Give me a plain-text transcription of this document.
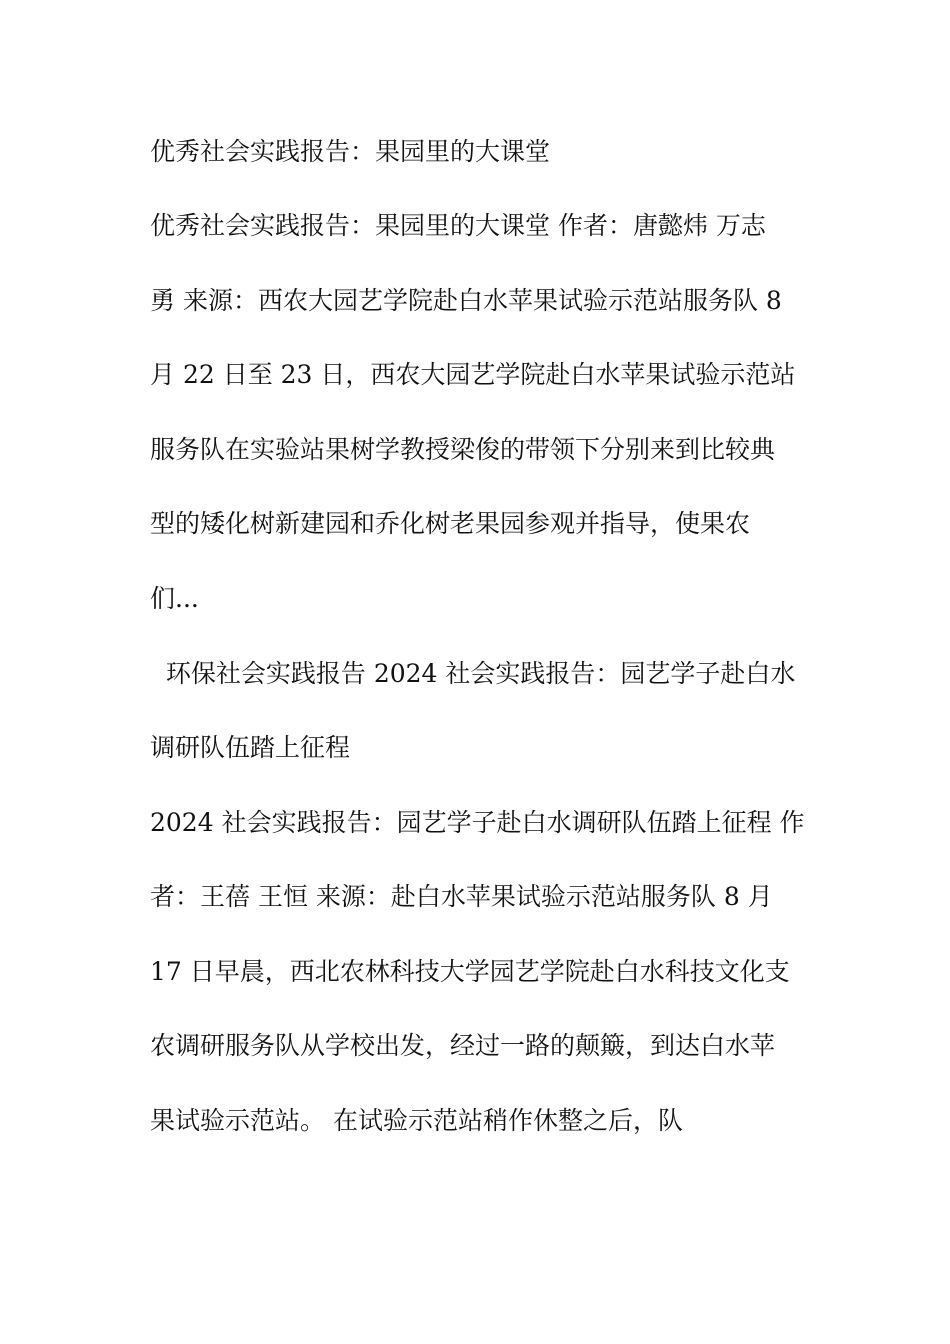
优秀社会实践报告：果园里的大课堂
优秀社会实践报告：果园里的大课堂 作者：唐懿炜 万志
勇 来源：西农大园艺学院赴白水苹果试验示范站服务队 8
月 22 日至 23 日，西农大园艺学院赴白水苹果试验示范站
服务队在实验站果树学教授梁俊的带领下分别来到比较典
型的矮化树新建园和乔化树老果园参观并指导，使果农
们...
环保社会实践报告 2024 社会实践报告：园艺学子赴白水
调研队伍踏上征程
2024 社会实践报告：园艺学子赴白水调研队伍踏上征程 作
者：王蓓 王恒 来源：赴白水苹果试验示范站服务队 8 月
17 日早晨，西北农林科技大学园艺学院赴白水科技文化支
农调研服务队从学校出发，经过一路的颠簸，到达白水苹
果试验示范站。 在试验示范站稍作休整之后，队
